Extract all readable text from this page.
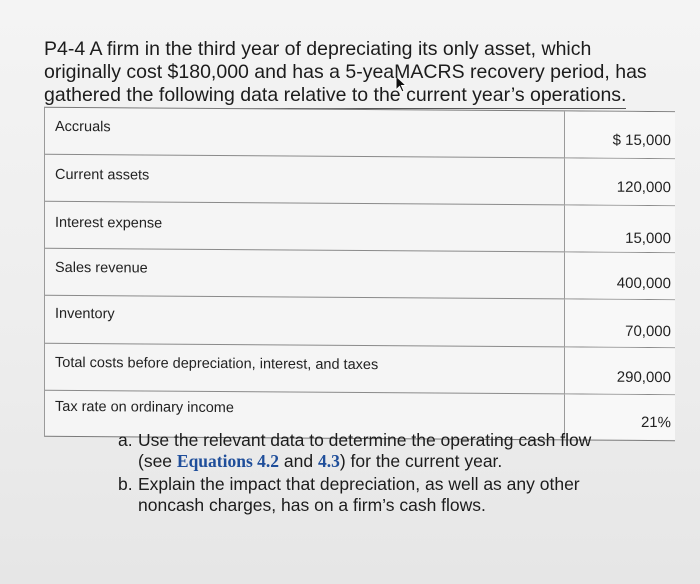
P4-4 A firm in the third year of depreciating its only asset, which
originally cost $180,000 and has a 5-yeaMACRS recovery period, has
gathered the following data relative to the current year’s operations.
Accruals
$ 15,000
Current assets
120,000
Interest expense
15,000
Sales revenue
400,000
Inventory
70,000
Total costs before depreciation, interest, and taxes
290,000
Tax rate on ordinary income
21%
a. Use the relevant data to determine the operating cash flow
(see Equations 4.2 and 4.3) for the current year.
b. Explain the impact that depreciation, as well as any other
noncash charges, has on a firm’s cash flows.
